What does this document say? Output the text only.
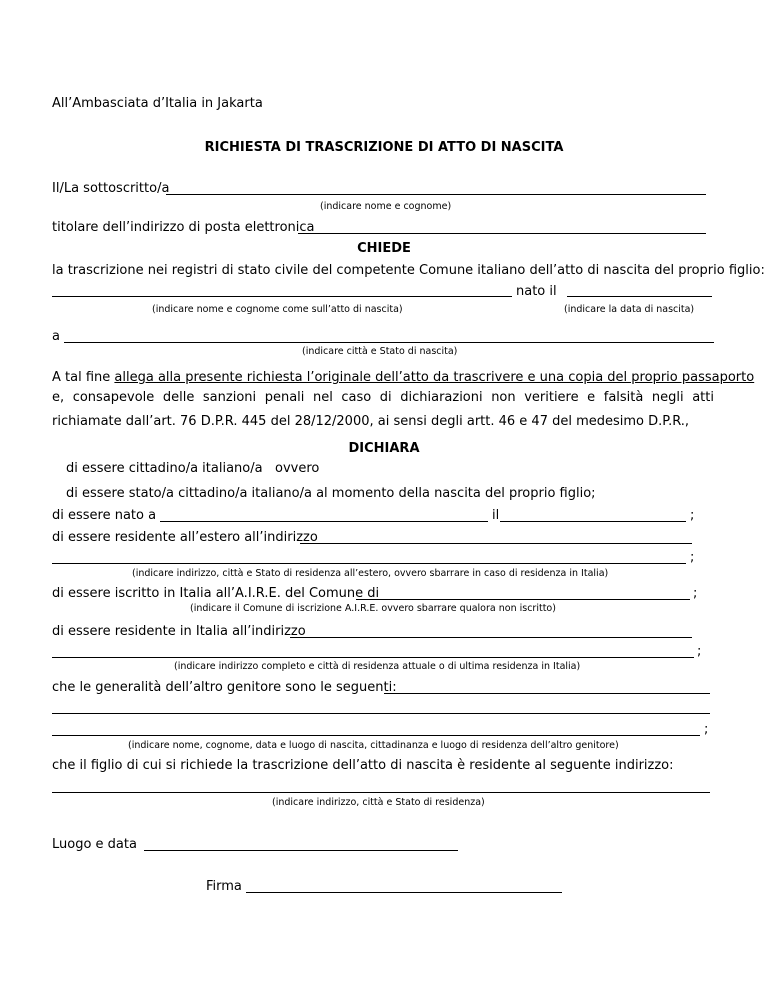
All’Ambasciata d’Italia in Jakarta
RICHIESTA DI TRASCRIZIONE DI ATTO DI NASCITA
Il/La sottoscritto/a
(indicare nome e cognome)
titolare dell’indirizzo di posta elettronica
CHIEDE
la trascrizione nei registri di stato civile del competente Comune italiano dell’atto di nascita del proprio figlio:
nato il
(indicare nome e cognome come sull’atto di nascita)	(indicare la data di nascita)
a
(indicare città e Stato di nascita)
A tal fine allega alla presente richiesta l’originale dell’atto da trascrivere e una copia del proprio passaporto
e, consapevole delle sanzioni penali nel caso di dichiarazioni non veritiere e falsità negli atti richiamate dall’art. 76 D.P.R. 445 del 28/12/2000, ai sensi degli artt. 46 e 47 del medesimo D.P.R.,
DICHIARA
di essere cittadino/a italiano/a ovvero
di essere stato/a cittadino/a italiano/a al momento della nascita del proprio figlio;
di essere nato a	il	;
di essere residente all’estero all’indirizzo
;
(indicare indirizzo, città e Stato di residenza all’estero, ovvero sbarrare in caso di residenza in Italia)
di essere iscritto in Italia all’A.I.R.E. del Comune di	;
(indicare il Comune di iscrizione A.I.R.E. ovvero sbarrare qualora non iscritto)
di essere residente in Italia all’indirizzo
;
(indicare indirizzo completo e città di residenza attuale o di ultima residenza in Italia)
che le generalità dell’altro genitore sono le seguenti:
;
(indicare nome, cognome, data e luogo di nascita, cittadinanza e luogo di residenza dell’altro genitore)
che il figlio di cui si richiede la trascrizione dell’atto di nascita è residente al seguente indirizzo:
(indicare indirizzo, città e Stato di residenza)
Luogo e data
Firma
